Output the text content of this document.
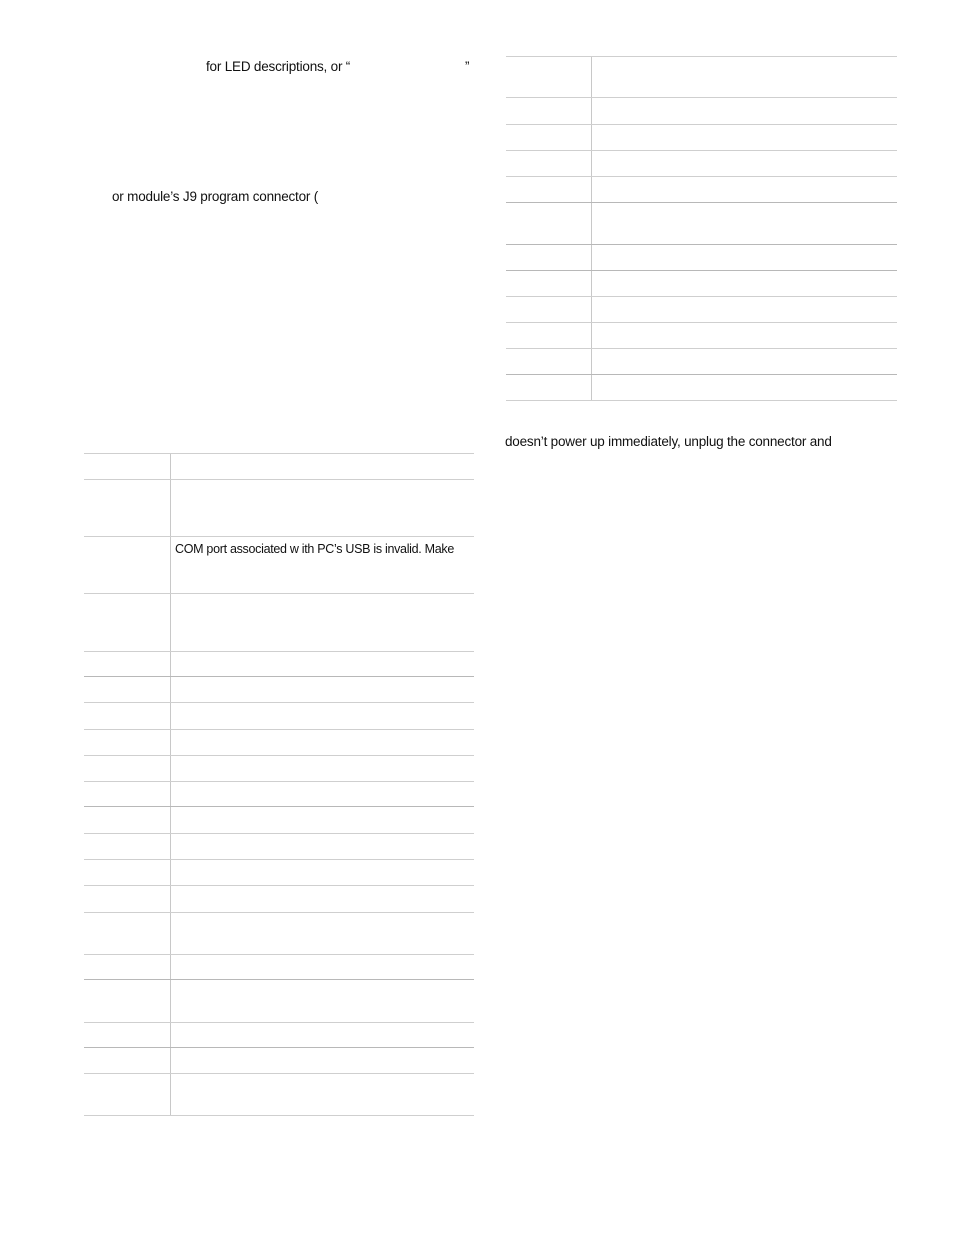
for LED descriptions, or “	”
or module’s J9 program connector (
COM port associated w ith PC’s USB is invalid. Make
doesn’t power up immediately, unplug the connector and
